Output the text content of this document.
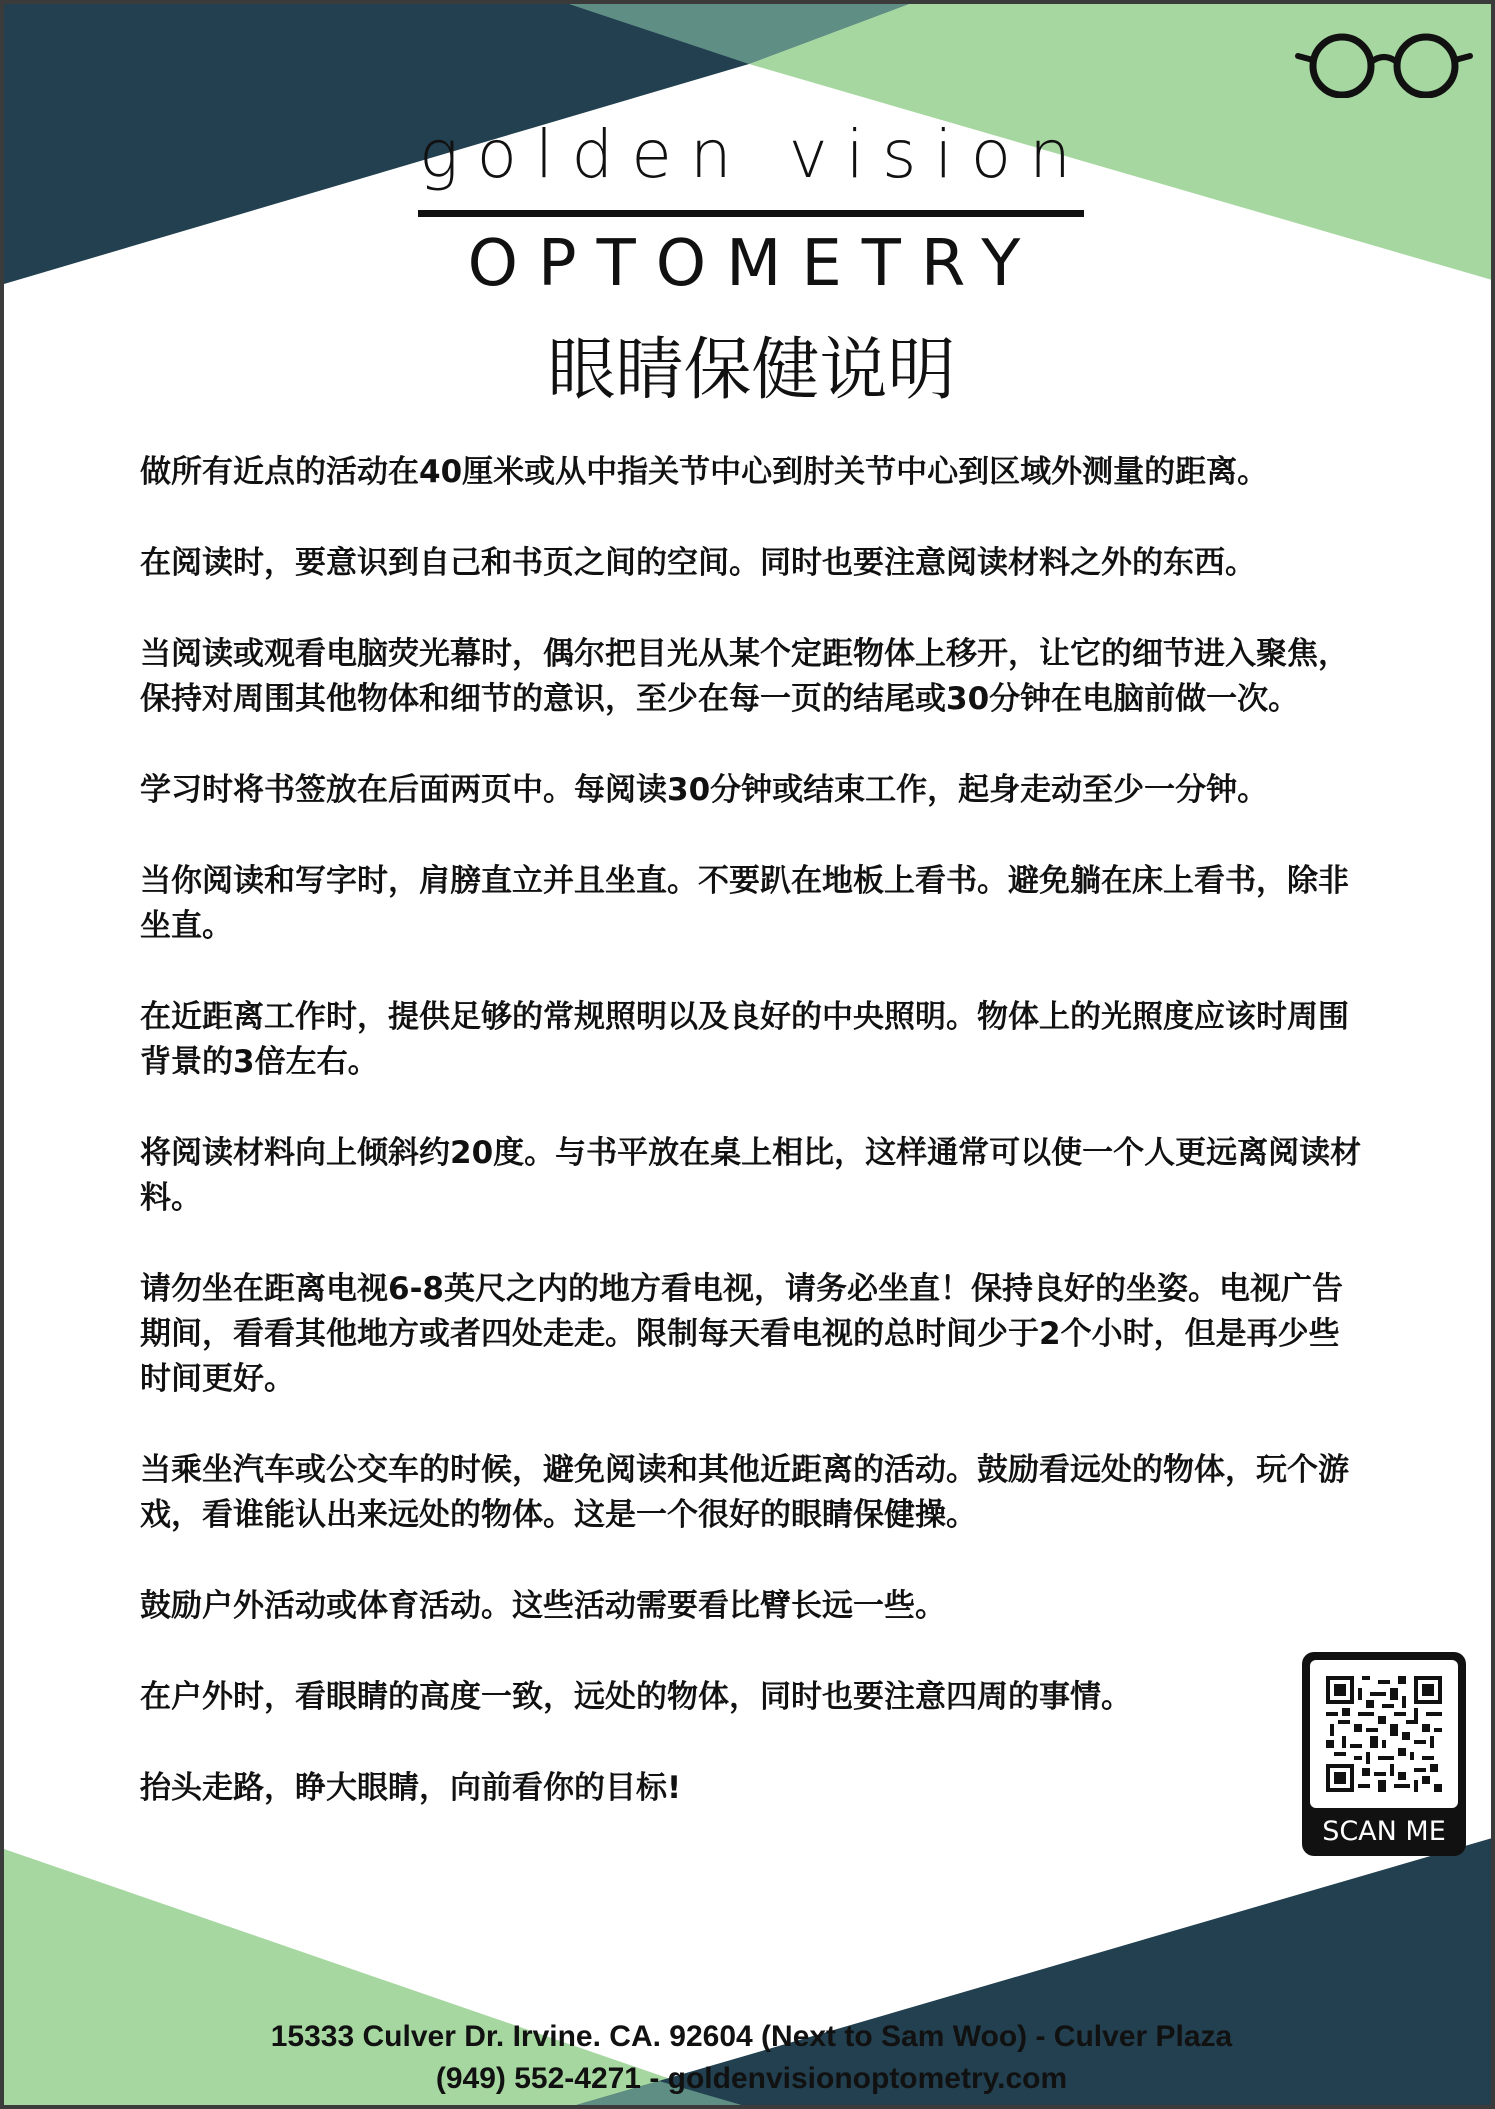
golden vision
OPTOMETRY
眼睛保健说明
做所有近点的活动在40厘米或从中指关节中心到肘关节中心到区域外测量的距离。
在阅读时，要意识到自己和书页之间的空间。同时也要注意阅读材料之外的东西。
当阅读或观看电脑荧光幕时，偶尔把目光从某个定距物体上移开，让它的细节进入聚焦，保持对周围其他物体和细节的意识，至少在每一页的结尾或30分钟在电脑前做一次。
学习时将书签放在后面两页中。每阅读30分钟或结束工作，起身走动至少一分钟。
当你阅读和写字时，肩膀直立并且坐直。不要趴在地板上看书。避免躺在床上看书，除非坐直。
在近距离工作时，提供足够的常规照明以及良好的中央照明。物体上的光照度应该时周围背景的3倍左右。
将阅读材料向上倾斜约20度。与书平放在桌上相比，这样通常可以使一个人更远离阅读材料。
请勿坐在距离电视6-8英尺之内的地方看电视，请务必坐直！保持良好的坐姿。电视广告期间，看看其他地方或者四处走走。限制每天看电视的总时间少于2个小时，但是再少些时间更好。
当乘坐汽车或公交车的时候，避免阅读和其他近距离的活动。鼓励看远处的物体，玩个游戏，看谁能认出来远处的物体。这是一个很好的眼睛保健操。
鼓励户外活动或体育活动。这些活动需要看比臂长远一些。
在户外时，看眼睛的高度一致，远处的物体，同时也要注意四周的事情。
抬头走路，睁大眼睛，向前看你的目标!
SCAN ME
15333 Culver Dr. Irvine. CA. 92604 (Next to Sam Woo) - Culver Plaza
(949) 552-4271 - goldenvisionoptometry.com
